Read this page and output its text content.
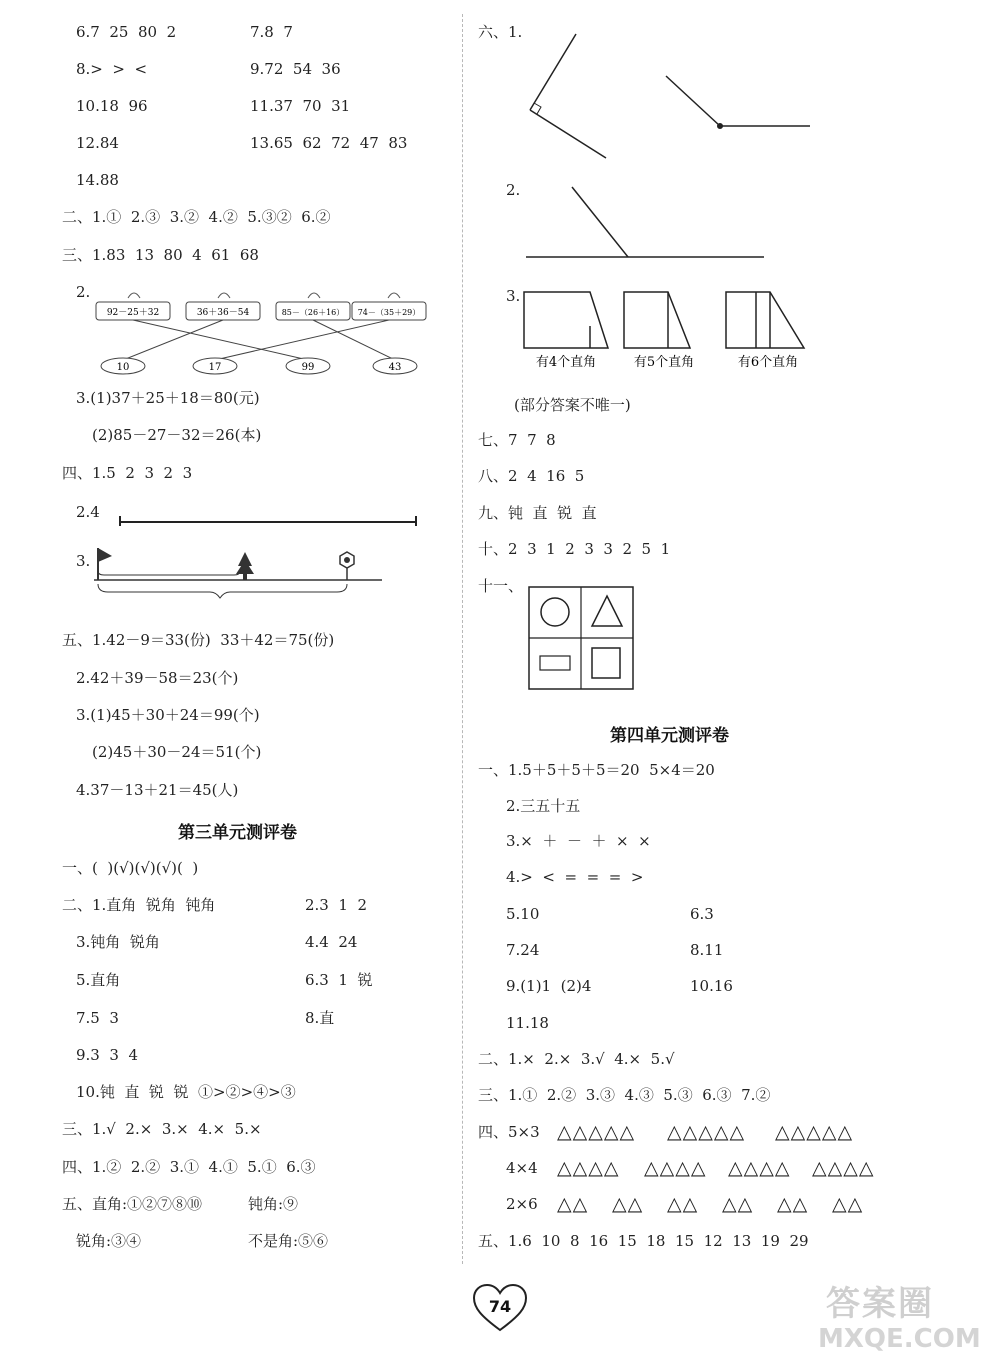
6.7  25  80  2	7.8  7
8.>  >  <	9.72  54  36
10.18  96	11.37  70  31
12.84	13.65  62  72  47  83
14.88
二、1.①  2.③  3.②  4.②  5.③②  6.②
三、1.83  13  80  4  61  68
2.
92－25＋32	36＋36－54	85－（26＋16） 74－（35＋29）
10	17	99	43
3.(1)37＋25＋18＝80(元)
(2)85－27－32＝26(本)
四、1.5  2  3  2  3
2.4
3.
五、1.42－9＝33(份)  33＋42＝75(份)
2.42＋39－58＝23(个)
3.(1)45＋30＋24＝99(个)
(2)45＋30－24＝51(个)
4.37－13＋21＝45(人)
第三单元测评卷
一、(  )(√)(√)(√)(  )
二、1.直角  锐角  钝角	2.3  1  2
3.钝角  锐角	4.4  24
5.直角	6.3  1  锐
7.5  3	8.直
9.3  3  4
10.钝  直  锐  锐  ①>②>④>③
三、1.√  2.×  3.×  4.×  5.×
四、1.②  2.②  3.①  4.①  5.①  6.③
五、直角:①②⑦⑧⑩	钝角:⑨
锐角:③④	不是角:⑤⑥
六、1.
2.
3.
有4个直角	有5个直角	有6个直角
(部分答案不唯一)
七、7  7  8
八、2  4  16  5
九、钝  直  锐  直
十、2  3  1  2  3  3  2  5  1
十一、
第四单元测评卷
一、1.5＋5＋5＋5＝20  5×4＝20
2.三五十五
3.×  ＋  －  ＋  ×  ×
4.>  <  =  =  =  >
5.10	6.3
7.24	8.11
9.(1)1  (2)4	10.16
11.18
二、1.×  2.×  3.√  4.×  5.√
三、1.①  2.②  3.③  4.③  5.③  6.③  7.②
四、5×3 △△△△△ △△△△△ △△△△△
4×4 △△△△ △△△△ △△△△ △△△△
2×6 △△ △△ △△ △△ △△ △△
五、1.6  10  8  16  15  18  15  12  13  19  29
74	答案圈
MXQE.COM
